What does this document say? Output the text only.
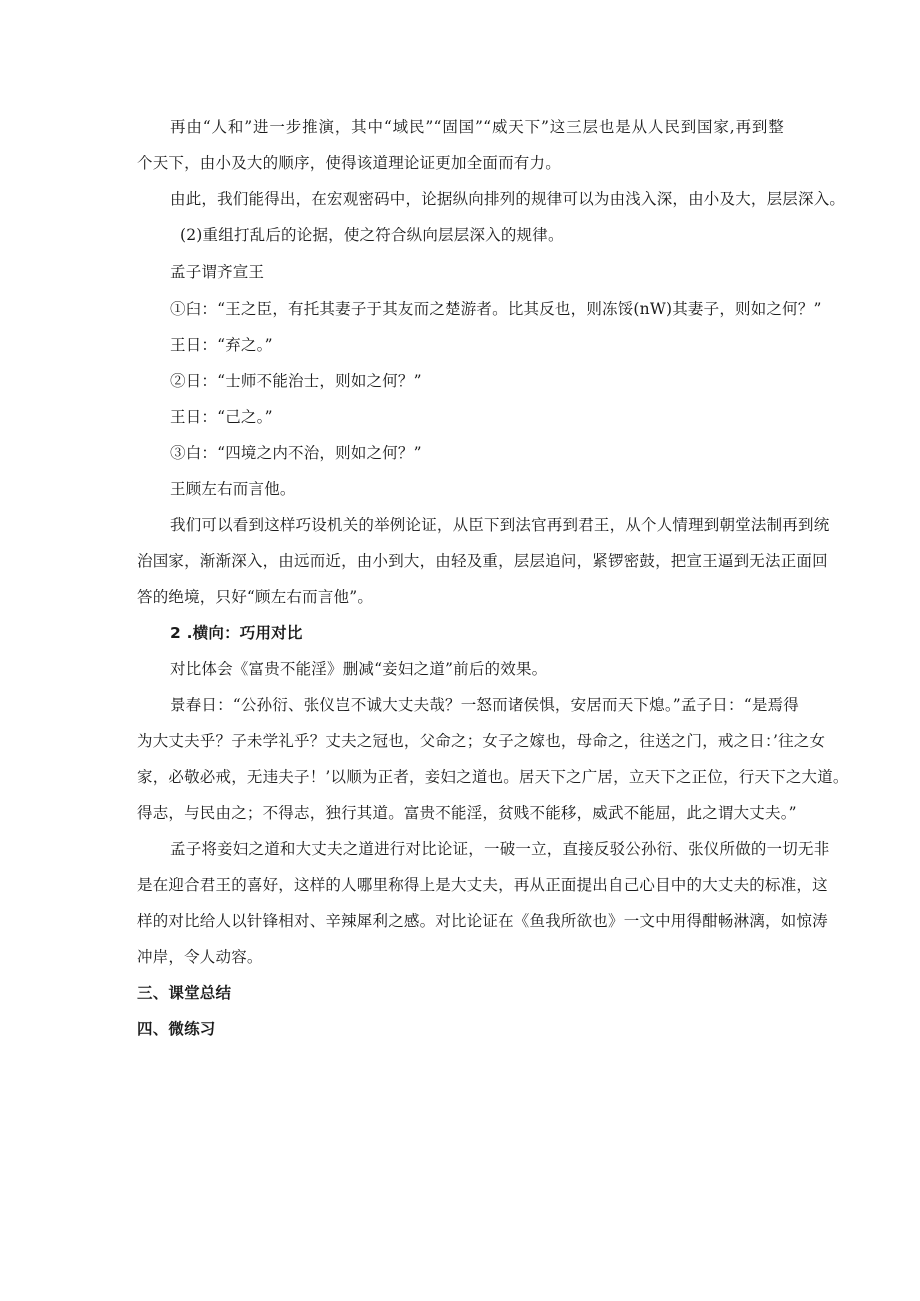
再由“人和”进一步推演，其中“域民”“固国”“威天下”这三层也是从人民到国家,再到整
个天下，由小及大的顺序，使得该道理论证更加全面而有力。
由此，我们能得出，在宏观密码中，论据纵向排列的规律可以为由浅入深，由小及大，层层深入。
(2)重组打乱后的论据，使之符合纵向层层深入的规律。
孟子谓齐宣王
①臼：“王之臣，有托其妻子于其友而之楚游者。比其反也，则冻馁(nW)其妻子，则如之何？”
王日：“弃之。”
②日：“士师不能治士，则如之何？”
王日：“己之。”
③白：“四境之内不治，则如之何？”
王顾左右而言他。
我们可以看到这样巧设机关的举例论证，从臣下到法官再到君王，从个人情理到朝堂法制再到统
治国家，渐渐深入，由远而近，由小到大，由轻及重，层层追问，紧锣密鼓，把宣王逼到无法正面回
答的绝境，只好“顾左右而言他”。
2 .横向：巧用对比
对比体会《富贵不能淫》删减“妾妇之道”前后的效果。
景春日：“公孙衍、张仪岂不诚大丈夫哉？一怒而诸侯惧，安居而天下熄。”孟子日：“是焉得
为大丈夫乎？子未学礼乎？丈夫之冠也，父命之；女子之嫁也，母命之，往送之门，戒之日：’往之女
家，必敬必戒，无违夫子！’以顺为正者，妾妇之道也。居天下之广居，立天下之正位，行天下之大道。
得志，与民由之；不得志，独行其道。富贵不能淫，贫贱不能移，威武不能屈，此之谓大丈夫。”
孟子将妾妇之道和大丈夫之道进行对比论证，一破一立，直接反驳公孙衍、张仪所做的一切无非
是在迎合君王的喜好，这样的人哪里称得上是大丈夫，再从正面提出自己心目中的大丈夫的标准，这
样的对比给人以针锋相对、辛辣犀利之感。对比论证在《鱼我所欲也》一文中用得酣畅淋漓，如惊涛
冲岸，令人动容。
三、课堂总结
四、微练习
